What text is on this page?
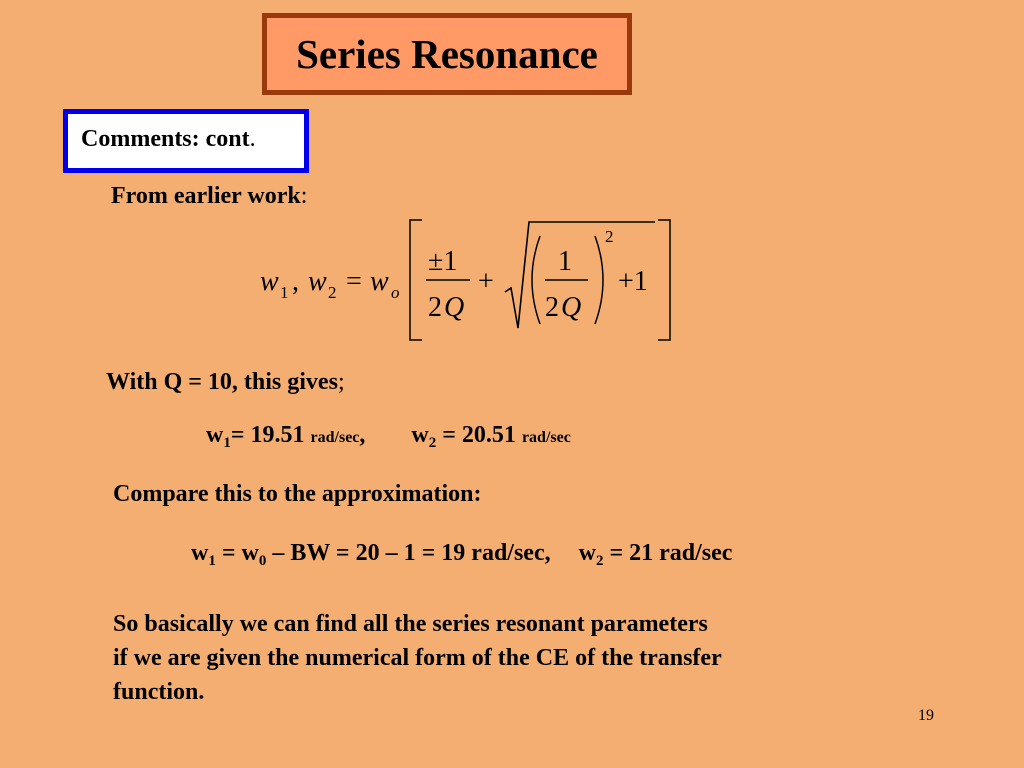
Series Resonance
Comments: cont.
From earlier work:
w 1 , w 2 = w o
±1
2 Q
+
1
2 Q
2
+1
With Q = 10, this gives;
$w_1= 19.51$ rad/sec, $w_2 = 20.51$ rad/sec
Compare this to the approximation:
$w_1 = w_0$ – BW = 20 – 1 = 19 rad/sec, $w_2 = 21$ rad/sec
So basically we can find all the series resonant parameters
if we are given the numerical form of the CE of the transfer
function.
19
